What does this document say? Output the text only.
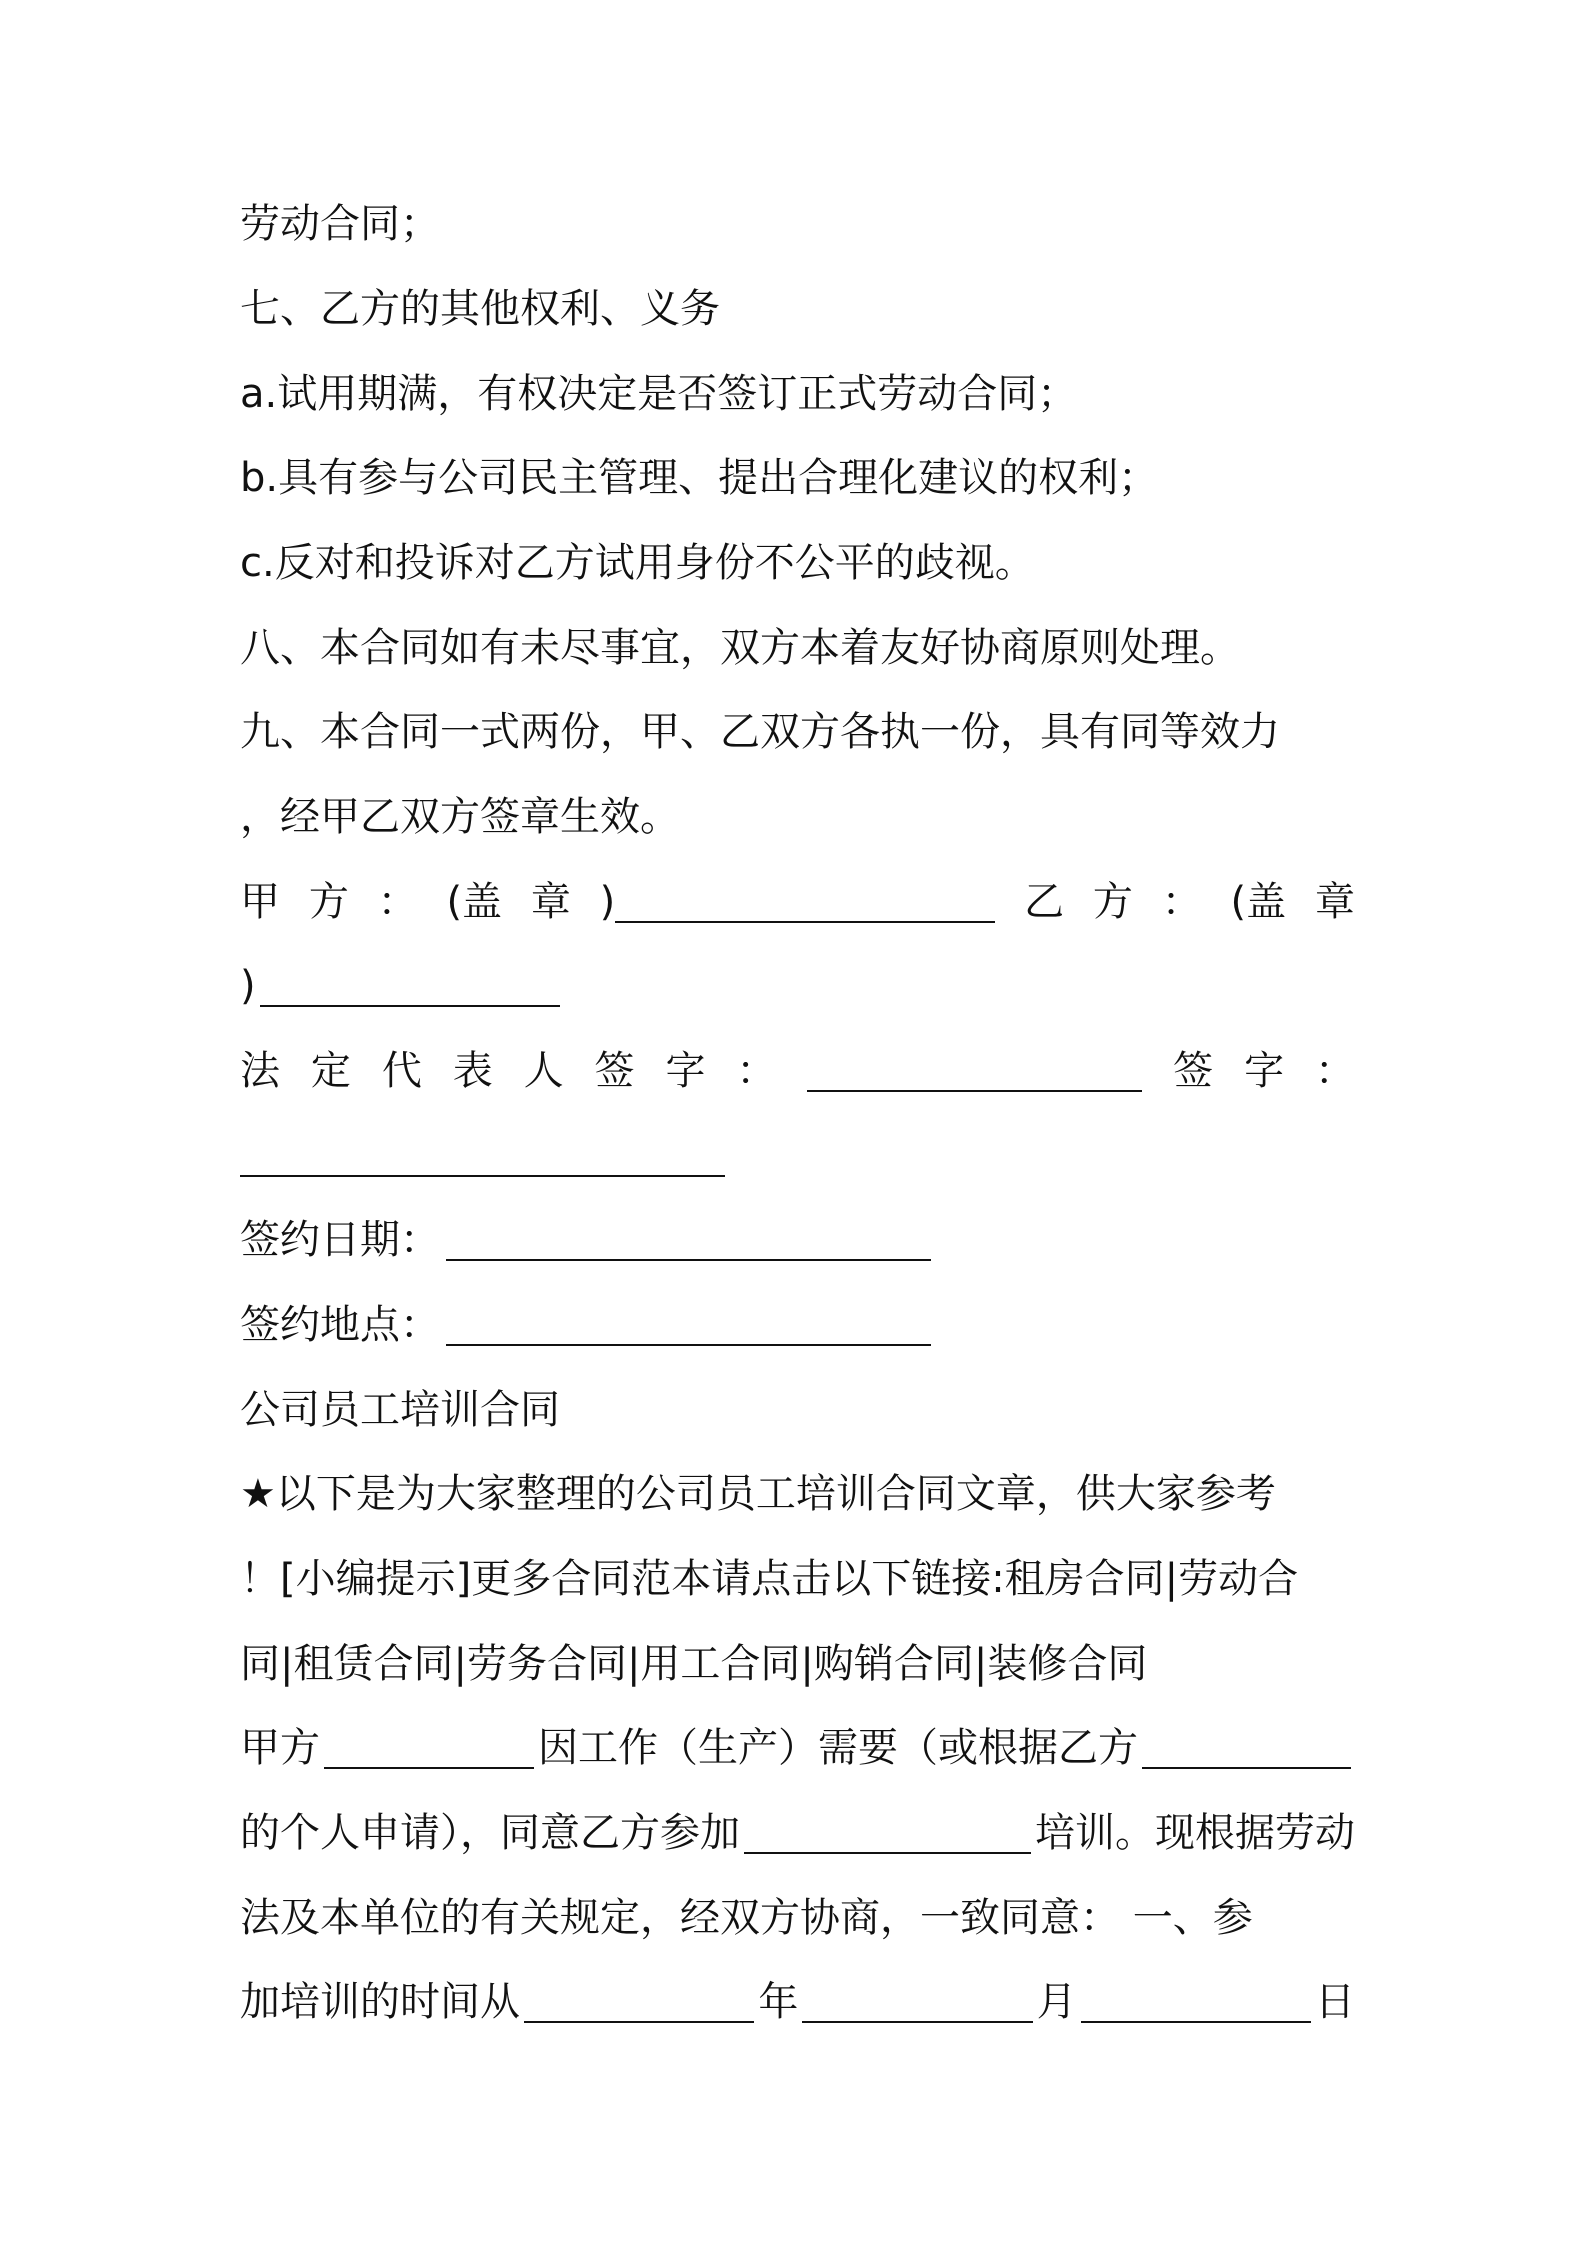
劳动合同；

七、乙方的其他权利、义务

a.试用期满，有权决定是否签订正式劳动合同；

b.具有参与公司民主管理、提出合理化建议的权利；

c.反对和投诉对乙方试用身份不公平的歧视。

八、本合同如有未尽事宜，双方本着友好协商原则处理。

九、本合同一式两份，甲、乙双方各执一份，具有同等效力

，经甲乙双方签章生效。

甲 方 ： (盖 章 )	乙 方 ： (盖 章
)
法 定 代 表 人 签 字 ：	签 字 ：
签约日期：
签约地点：

公司员工培训合同

★以下是为大家整理的公司员工培训合同文章，供大家参考

！[小编提示]更多合同范本请点击以下链接:租房合同|劳动合

同|租赁合同|劳务合同|用工合同|购销合同|装修合同

甲方	因工作（生产）需要（或根据乙方
的个人申请），同意乙方参加	培训。现根据劳动

法及本单位的有关规定，经双方协商，一致同意： 一、参

加培训的时间从	年	月	日
